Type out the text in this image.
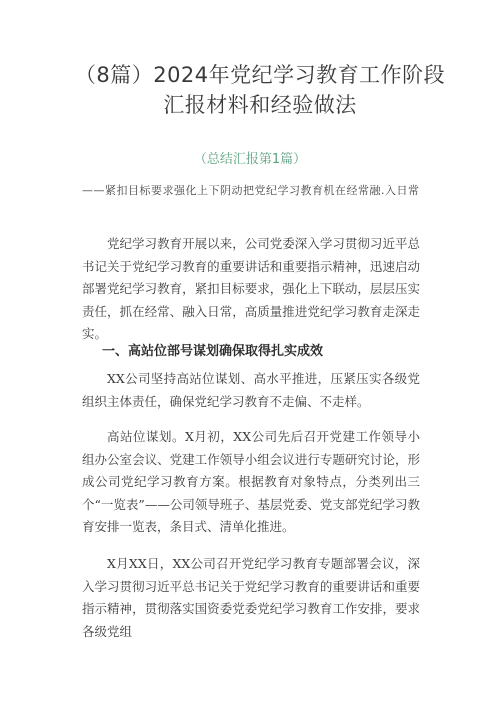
（8篇）2024年党纪学习教育工作阶段汇报材料和经验做法
（总结汇报第1篇）
——紧扣目标要求强化上下阴动把党纪学习教育机在经常融.入日常
党纪学习教育开展以来，公司党委深入学习贯彻习近平总书记关于党纪学习教育的重要讲话和重要指示精神，迅速启动部署党纪学习教育，紧扣目标要求，强化上下联动，层层压实责任，抓在经常、融入日常，高质量推进党纪学习教育走深走实。
一、高站位部号谋划确保取得扎实成效
XX公司坚持高站位谋划、高水平推进，压紧压实各级党组织主体责任，确保党纪学习教育不走偏、不走样。
高站位谋划。X月初，XX公司先后召开党建工作领导小组办公室会议、党建工作领导小组会议进行专题研究讨论，形成公司党纪学习教育方案。根据教育对象特点，分类列出三个“一览表”——公司领导班子、基层党委、党支部党纪学习教育安排一览表，条目式、清单化推进。
X月XX日，XX公司召开党纪学习教育专题部署会议，深入学习贯彻习近平总书记关于党纪学习教育的重要讲话和重要指示精神，贯彻落实国资委党委党纪学习教育工作安排，要求各级党组
